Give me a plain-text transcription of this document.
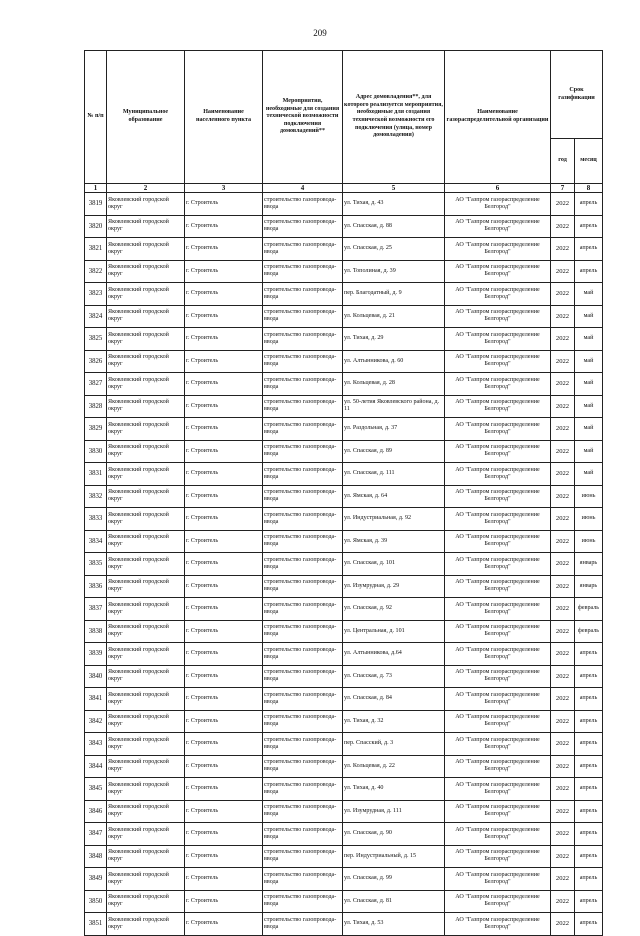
209
№ п/п	Муниципальное образование	Наименование населенного пункта	Мероприятия, необходимые для создания технической возможности подключения домовладений**	Адрес домовладения**, для которого реализуется мероприятия, необходимые для создания технической возможности его подключения (улица, номер домовладения)	Наименование газораспределительной организации	Срок газификации	
						год	месяц
1	2	3	4	5	6	7	8
3819	Яковлевский городской округ	г. Строитель	строительство газопровода-ввода	ул. Тихая, д. 43	АО "Газпром газораспределение Белгород"	2022	апрель
3820	Яковлевский городской округ	г. Строитель	строительство газопровода-ввода	ул. Спасская, д. 88	АО "Газпром газораспределение Белгород"	2022	апрель
3821	Яковлевский городской округ	г. Строитель	строительство газопровода-ввода	ул. Спасская, д. 25	АО "Газпром газораспределение Белгород"	2022	апрель
3822	Яковлевский городской округ	г. Строитель	строительство газопровода-ввода	ул. Тополиная, д. 39	АО "Газпром газораспределение Белгород"	2022	апрель
3823	Яковлевский городской округ	г. Строитель	строительство газопровода-ввода	пер. Благодатный, д. 9	АО "Газпром газораспределение Белгород"	2022	май
3824	Яковлевский городской округ	г. Строитель	строительство газопровода-ввода	ул. Кольцевая, д. 21	АО "Газпром газораспределение Белгород"	2022	май
3825	Яковлевский городской округ	г. Строитель	строительство газопровода-ввода	ул. Тихая, д. 29	АО "Газпром газораспределение Белгород"	2022	май
3826	Яковлевский городской округ	г. Строитель	строительство газопровода-ввода	ул. Алтынникова, д. 60	АО "Газпром газораспределение Белгород"	2022	май
3827	Яковлевский городской округ	г. Строитель	строительство газопровода-ввода	ул. Кольцевая, д. 28	АО "Газпром газораспределение Белгород"	2022	май
3828	Яковлевский городской округ	г. Строитель	строительство газопровода-ввода	ул. 50-летия Яковлевского района, д. 11	АО "Газпром газораспределение Белгород"	2022	май
3829	Яковлевский городской округ	г. Строитель	строительство газопровода-ввода	ул. Раздольная, д. 37	АО "Газпром газораспределение Белгород"	2022	май
3830	Яковлевский городской округ	г. Строитель	строительство газопровода-ввода	ул. Спасская, д. 89	АО "Газпром газораспределение Белгород"	2022	май
3831	Яковлевский городской округ	г. Строитель	строительство газопровода-ввода	ул. Спасская, д. 111	АО "Газпром газораспределение Белгород"	2022	май
3832	Яковлевский городской округ	г. Строитель	строительство газопровода-ввода	ул. Ямская, д. 64	АО "Газпром газораспределение Белгород"	2022	июнь
3833	Яковлевский городской округ	г. Строитель	строительство газопровода-ввода	ул. Индустриальная, д. 92	АО "Газпром газораспределение Белгород"	2022	июнь
3834	Яковлевский городской округ	г. Строитель	строительство газопровода-ввода	ул. Ямская, д. 39	АО "Газпром газораспределение Белгород"	2022	июнь
3835	Яковлевский городской округ	г. Строитель	строительство газопровода-ввода	ул. Спасская, д. 101	АО "Газпром газораспределение Белгород"	2022	январь
3836	Яковлевский городской округ	г. Строитель	строительство газопровода-ввода	ул. Изумрудная, д. 29	АО "Газпром газораспределение Белгород"	2022	январь
3837	Яковлевский городской округ	г. Строитель	строительство газопровода-ввода	ул. Спасская, д. 92	АО "Газпром газораспределение Белгород"	2022	февраль
3838	Яковлевский городской округ	г. Строитель	строительство газопровода-ввода	ул. Центральная, д. 101	АО "Газпром газораспределение Белгород"	2022	февраль
3839	Яковлевский городской округ	г. Строитель	строительство газопровода-ввода	ул. Алтынникова, д.64	АО "Газпром газораспределение Белгород"	2022	апрель
3840	Яковлевский городской округ	г. Строитель	строительство газопровода-ввода	ул. Спасская, д. 73	АО "Газпром газораспределение Белгород"	2022	апрель
3841	Яковлевский городской округ	г. Строитель	строительство газопровода-ввода	ул. Спасская, д. 84	АО "Газпром газораспределение Белгород"	2022	апрель
3842	Яковлевский городской округ	г. Строитель	строительство газопровода-ввода	ул. Тихая, д. 32	АО "Газпром газораспределение Белгород"	2022	апрель
3843	Яковлевский городской округ	г. Строитель	строительство газопровода-ввода	пер. Спасский, д. 3	АО "Газпром газораспределение Белгород"	2022	апрель
3844	Яковлевский городской округ	г. Строитель	строительство газопровода-ввода	ул. Кольцевая, д. 22	АО "Газпром газораспределение Белгород"	2022	апрель
3845	Яковлевский городской округ	г. Строитель	строительство газопровода-ввода	ул. Тихая, д. 40	АО "Газпром газораспределение Белгород"	2022	апрель
3846	Яковлевский городской округ	г. Строитель	строительство газопровода-ввода	ул. Изумрудная, д. 111	АО "Газпром газораспределение Белгород"	2022	апрель
3847	Яковлевский городской округ	г. Строитель	строительство газопровода-ввода	ул. Спасская, д. 90	АО "Газпром газораспределение Белгород"	2022	апрель
3848	Яковлевский городской округ	г. Строитель	строительство газопровода-ввода	пер. Индустриальный, д. 15	АО "Газпром газораспределение Белгород"	2022	апрель
3849	Яковлевский городской округ	г. Строитель	строительство газопровода-ввода	ул. Спасская, д. 99	АО "Газпром газораспределение Белгород"	2022	апрель
3850	Яковлевский городской округ	г. Строитель	строительство газопровода-ввода	ул. Спасская, д. 81	АО "Газпром газораспределение Белгород"	2022	апрель
3851	Яковлевский городской округ	г. Строитель	строительство газопровода-ввода	ул. Тихая, д. 53	АО "Газпром газораспределение Белгород"	2022	апрель
